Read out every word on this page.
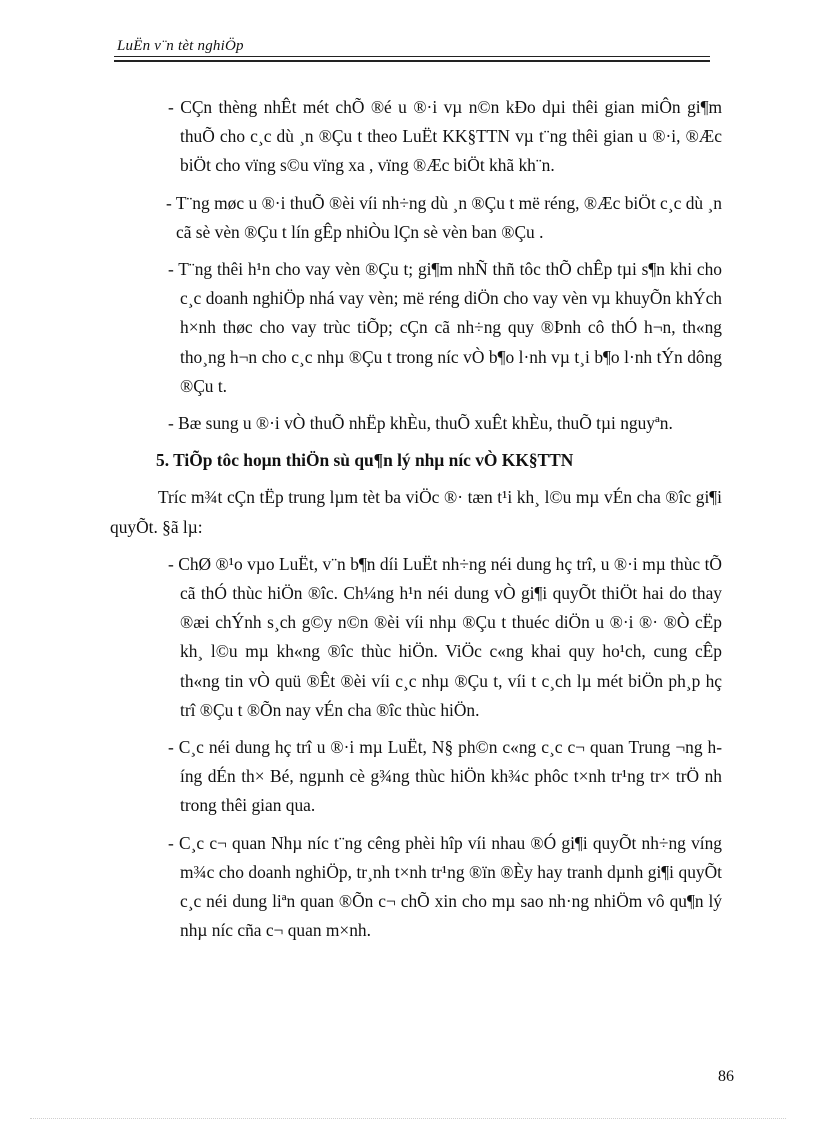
LuËn v¨n tèt nghiÖp

- CÇn thèng nhÊt mét chÕ ®é u ®·i vµ n©n kÐo dµi thêi gian miÔn gi¶m thuÕ cho c¸c dù ¸n ®Çu t theo LuËt KK§TTN vµ t¨ng thêi gian u ®·i, ®Æc biÖt cho vïng s©u vïng xa , vïng ®Æc biÖt khã kh¨n.

- T¨ng møc u ®·i thuÕ ®èi víi nh÷ng dù ¸n ®Çu t më réng, ®Æc biÖt c¸c dù ¸n cã sè vèn ®Çu t lín gÊp nhiÒu lÇn sè vèn ban ®Çu .

- T¨ng thêi h¹n cho vay vèn ®Çu t; gi¶m nhÑ thñ tôc thÕ chÊp tµi s¶n khi cho c¸c doanh nghiÖp nhá vay vèn; më réng diÖn cho vay vèn vµ khuyÕn khÝch h×nh thøc cho vay trùc tiÕp; cÇn cã nh÷ng quy ®Þnh cô thÓ h¬n, th«ng tho¸ng h¬n cho c¸c nhµ ®Çu t trong níc vÒ b¶o l·nh vµ t¸i b¶o l·nh tÝn dông ®Çu t.

- Bæ sung u ®·i vÒ thuÕ nhËp khÈu, thuÕ xuÊt khÈu, thuÕ tµi nguyªn.

5. TiÕp tôc hoµn thiÖn sù qu¶n lý nhµ níc vÒ KK§TTN

Tríc m¾t cÇn tËp trung lµm tèt ba viÖc ®· tæn t¹i kh¸ l©u mµ vÉn cha ®îc gi¶i quyÕt. §ã lµ:

- ChØ ®¹o vµo LuËt, v¨n b¶n díi LuËt nh÷ng néi dung hç trî, u ®·i mµ thùc tÕ cã thÓ thùc hiÖn ®îc. Ch¼ng h¹n néi dung vÒ gi¶i quyÕt thiÖt hai do thay ®æi chÝnh s¸ch g©y n©n ®èi víi nhµ ®Çu t thuéc diÖn u ®·i ®· ®Ò cËp kh¸ l©u mµ kh«ng ®îc thùc hiÖn. ViÖc c«ng khai quy ho¹ch, cung cÊp th«ng tin vÒ quü ®Êt ®èi víi c¸c nhµ ®Çu t, víi t c¸ch lµ mét biÖn ph¸p hç trî ®Çu t ®Õn nay vÉn cha ®îc thùc hiÖn.

- C¸c néi dung hç trî u ®·i mµ LuËt, N§ ph©n c«ng c¸c c¬ quan Trung ¬ng híng dÉn th× Bé, ngµnh cè g¾ng thùc hiÖn kh¾c phôc t×nh tr¹ng tr× trÖ nh trong thêi gian qua.

- C¸c c¬ quan Nhµ níc t¨ng cêng phèi hîp víi nhau ®Ó gi¶i quyÕt nh÷ng víng m¾c cho doanh nghiÖp, tr¸nh t×nh tr¹ng ®ïn ®Èy hay tranh dµnh gi¶i quyÕt c¸c néi dung liªn quan ®Õn c¬ chÕ xin cho mµ sao nh·ng nhiÖm vô qu¶n lý nhµ níc cña c¬ quan m×nh.

86
